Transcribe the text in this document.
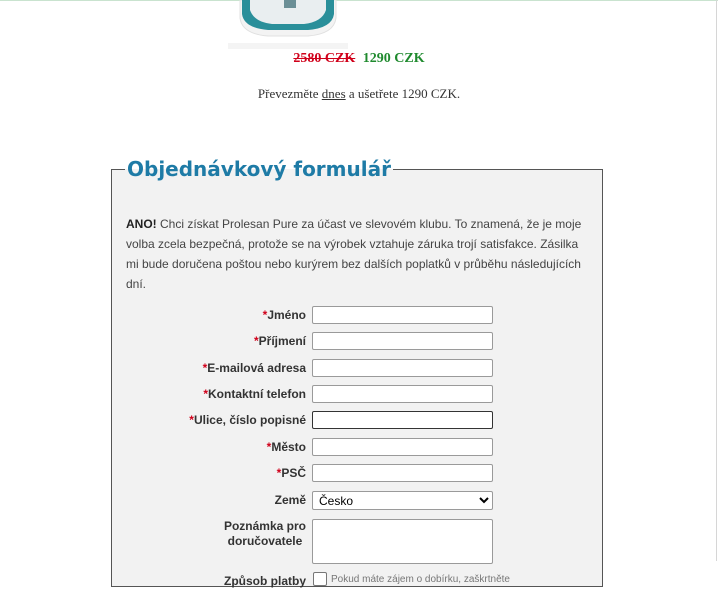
2580 CZK 1290 CZK
Převezměte dnes a ušetřete 1290 CZK.
Objednávkový formulář
ANO! Chci získat Prolesan Pure za účast ve slevovém klubu. To znamená, že je moje volba zcela bezpečná, protože se na výrobek vztahuje záruka trojí satisfakce. Zásilka mi bude doručena poštou nebo kurýrem bez dalších poplatků v průběhu následujících dní.
*Jméno
*Příjmení
*E-mailová adresa
*Kontaktní telefon
*Ulice, číslo popisné
*Město
*PSČ
Země
Česko
Poznámka pro
doručovatele
Způsob platby	Pokud máte zájem o dobírku, zaškrtněte
